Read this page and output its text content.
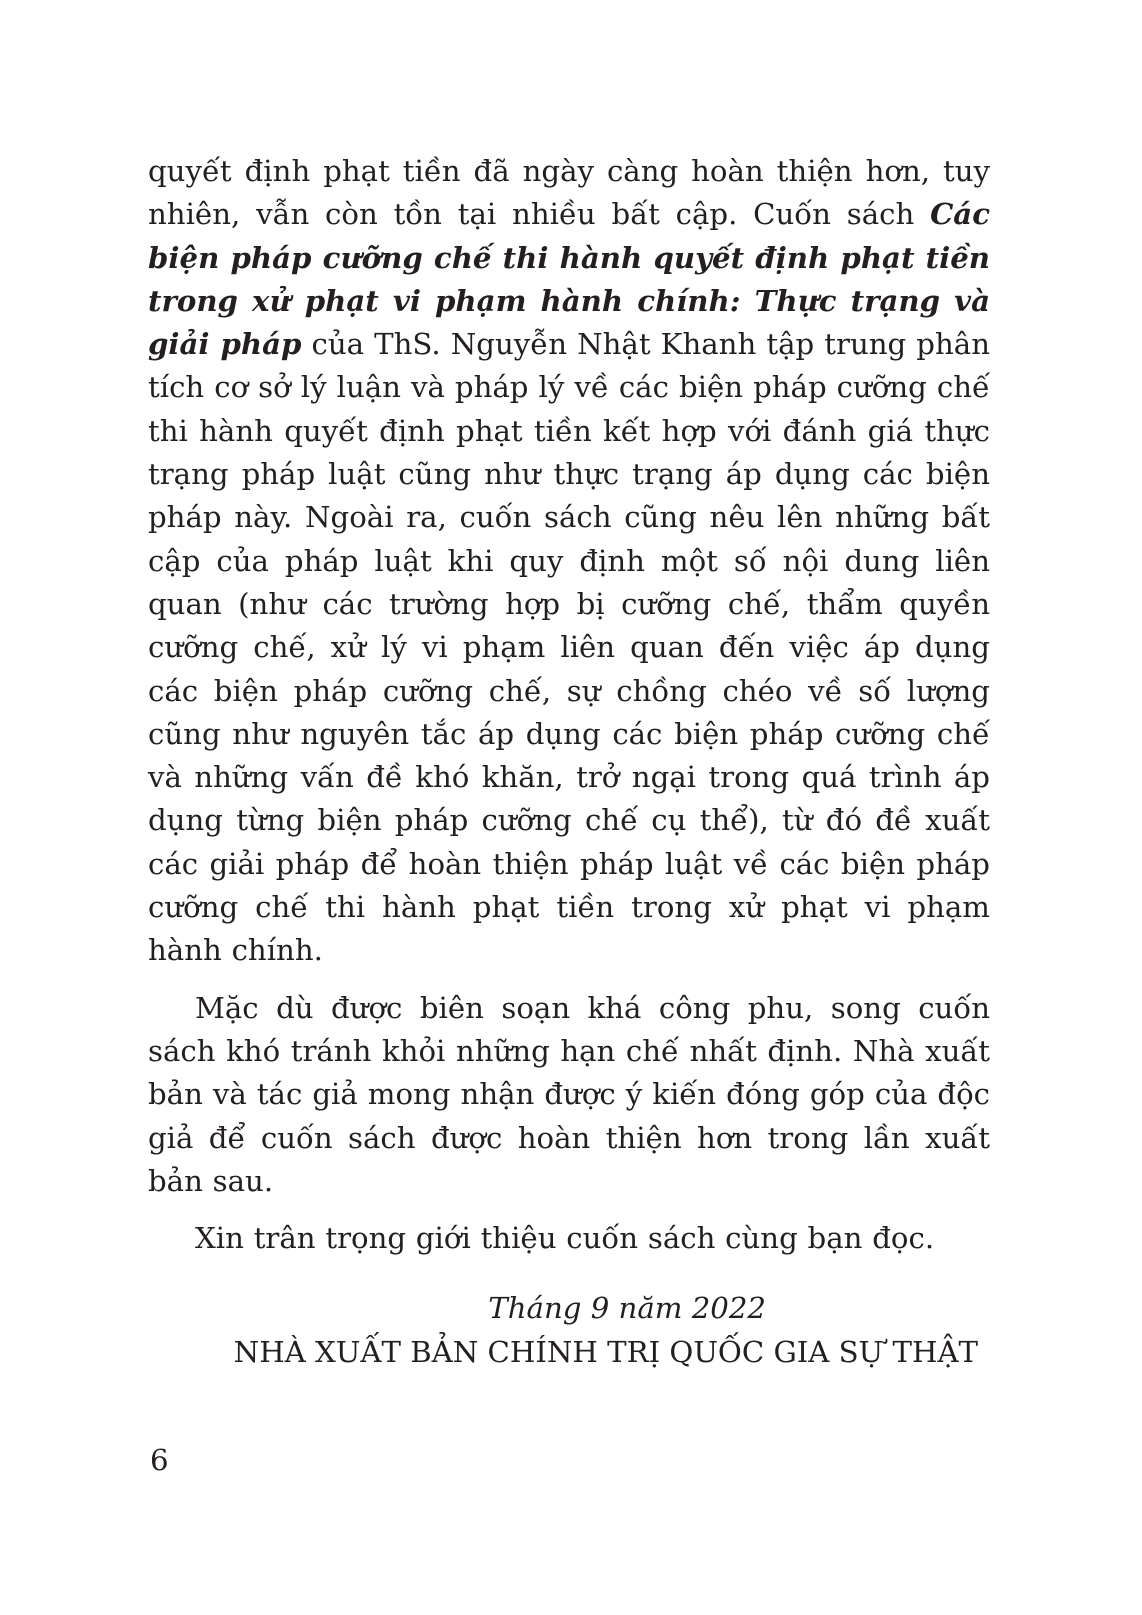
quyết định phạt tiền đã ngày càng hoàn thiện hơn, tuy nhiên, vẫn còn tồn tại nhiều bất cập. Cuốn sách Các biện pháp cưỡng chế thi hành quyết định phạt tiền trong xử phạt vi phạm hành chính: Thực trạng và giải pháp của ThS. Nguyễn Nhật Khanh tập trung phân tích cơ sở lý luận và pháp lý về các biện pháp cưỡng chế thi hành quyết định phạt tiền kết hợp với đánh giá thực trạng pháp luật cũng như thực trạng áp dụng các biện pháp này. Ngoài ra, cuốn sách cũng nêu lên những bất cập của pháp luật khi quy định một số nội dung liên quan (như các trường hợp bị cưỡng chế, thẩm quyền cưỡng chế, xử lý vi phạm liên quan đến việc áp dụng các biện pháp cưỡng chế, sự chồng chéo về số lượng cũng như nguyên tắc áp dụng các biện pháp cưỡng chế và những vấn đề khó khăn, trở ngại trong quá trình áp dụng từng biện pháp cưỡng chế cụ thể), từ đó đề xuất các giải pháp để hoàn thiện pháp luật về các biện pháp cưỡng chế thi hành phạt tiền trong xử phạt vi phạm hành chính.

Mặc dù được biên soạn khá công phu, song cuốn sách khó tránh khỏi những hạn chế nhất định. Nhà xuất bản và tác giả mong nhận được ý kiến đóng góp của độc giả để cuốn sách được hoàn thiện hơn trong lần xuất bản sau.

Xin trân trọng giới thiệu cuốn sách cùng bạn đọc.

Tháng 9 năm 2022
NHÀ XUẤT BẢN CHÍNH TRỊ QUỐC GIA SỰ THẬT
6
